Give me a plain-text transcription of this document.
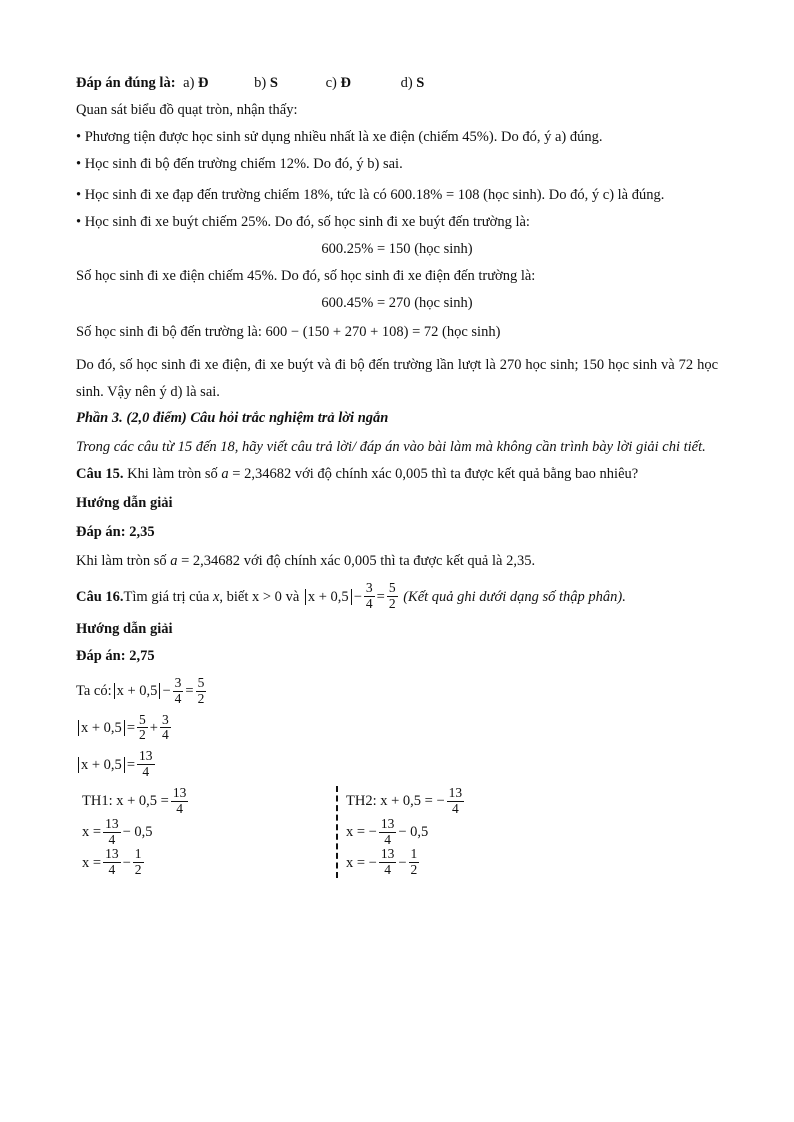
Đáp án đúng là: a) Đ	b) S	c) Đ	d) S

Quan sát biểu đồ quạt tròn, nhận thấy:

• Phương tiện được học sinh sử dụng nhiều nhất là xe điện (chiếm 45%). Do đó, ý a) đúng.

• Học sinh đi bộ đến trường chiếm 12%. Do đó, ý b) sai.

• Học sinh đi xe đạp đến trường chiếm 18%, tức là có 600.18% = 108 (học sinh). Do đó, ý c) là đúng.

• Học sinh đi xe buýt chiếm 25%. Do đó, số học sinh đi xe buýt đến trường là:

600.25% = 150 (học sinh)

Số học sinh đi xe điện chiếm 45%. Do đó, số học sinh đi xe điện đến trường là:

600.45% = 270 (học sinh)

Số học sinh đi bộ đến trường là: 600 − (150 + 270 + 108) = 72 (học sinh)

Do đó, số học sinh đi xe điện, đi xe buýt và đi bộ đến trường lần lượt là 270 học sinh; 150 học sinh và 72 học sinh. Vậy nên ý d) là sai.

Phần 3. (2,0 điểm) Câu hỏi trắc nghiệm trả lời ngắn

Trong các câu từ 15 đến 18, hãy viết câu trả lời/ đáp án vào bài làm mà không cần trình bày lời giải chi tiết.

Câu 15. Khi làm tròn số a = 2,34682 với độ chính xác 0,005 thì ta được kết quả bằng bao nhiêu?

Hướng dẫn giải

Đáp án: 2,35

Khi làm tròn số a = 2,34682 với độ chính xác 0,005 thì ta được kết quả là 2,35.

Câu 16. Tìm giá trị của
x , biết
x > 0
và
$x + 0,5 - \frac{3}{4} = \frac{5}{2}$
(Kết quả ghi dưới dạng số thập phân).

Hướng dẫn giải

Đáp án: 2,75

Ta có: $x + 0,5 - \frac{3}{4} = \frac{5}{2}$

$x + 0,5 = \frac{5}{2} + \frac{3}{4}$

$x + 0,5 = \frac{13}{4}$

TH1:
$x + 0,5 = \frac{13}{4}$
$x = \frac{13}{4} - 0,5$
$x = \frac{13}{4} - \frac{1}{2}$
TH2:
x + 0,5 = − $\frac{13}{4}$
x = − $\frac{13}{4} - 0,5$
x = − $\frac{13}{4} - \frac{1}{2}$
